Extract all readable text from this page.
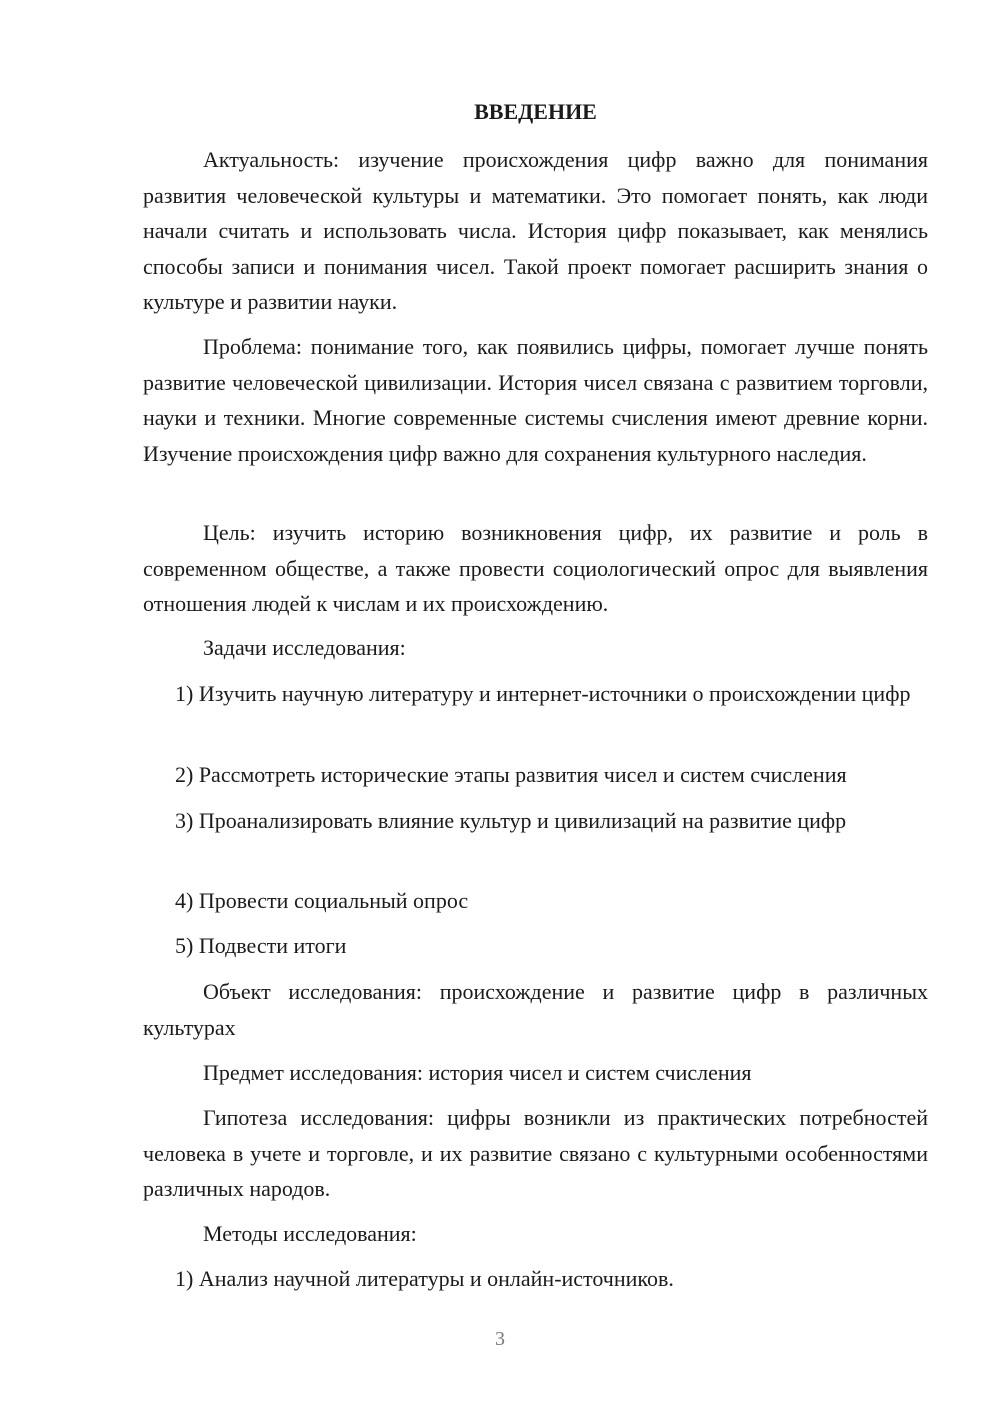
ВВЕДЕНИЕ

Актуальность: изучение происхождения цифр важно для понимания развития человеческой культуры и математики. Это помогает понять, как люди начали считать и использовать числа. История цифр показывает, как менялись способы записи и понимания чисел. Такой проект помогает расширить знания о культуре и развитии науки.

Проблема: понимание того, как появились цифры, помогает лучше понять развитие человеческой цивилизации. История чисел связана с развитием торговли, науки и техники. Многие современные системы счисления имеют древние корни. Изучение происхождения цифр важно для сохранения культурного наследия.

Цель: изучить историю возникновения цифр, их развитие и роль в современном обществе, а также провести социологический опрос для выявления отношения людей к числам и их происхождению.

Задачи исследования:

1) Изучить научную литературу и интернет-источники о происхождении цифр

2) Рассмотреть исторические этапы развития чисел и систем счисления

3) Проанализировать влияние культур и цивилизаций на развитие цифр

4) Провести социальный опрос

5) Подвести итоги

Объект исследования: происхождение и развитие цифр в различных культурах

Предмет исследования: история чисел и систем счисления

Гипотеза исследования: цифры возникли из практических потребностей человека в учете и торговле, и их развитие связано с культурными особенностями различных народов.

Методы исследования:

1) Анализ научной литературы и онлайн-источников.

3
